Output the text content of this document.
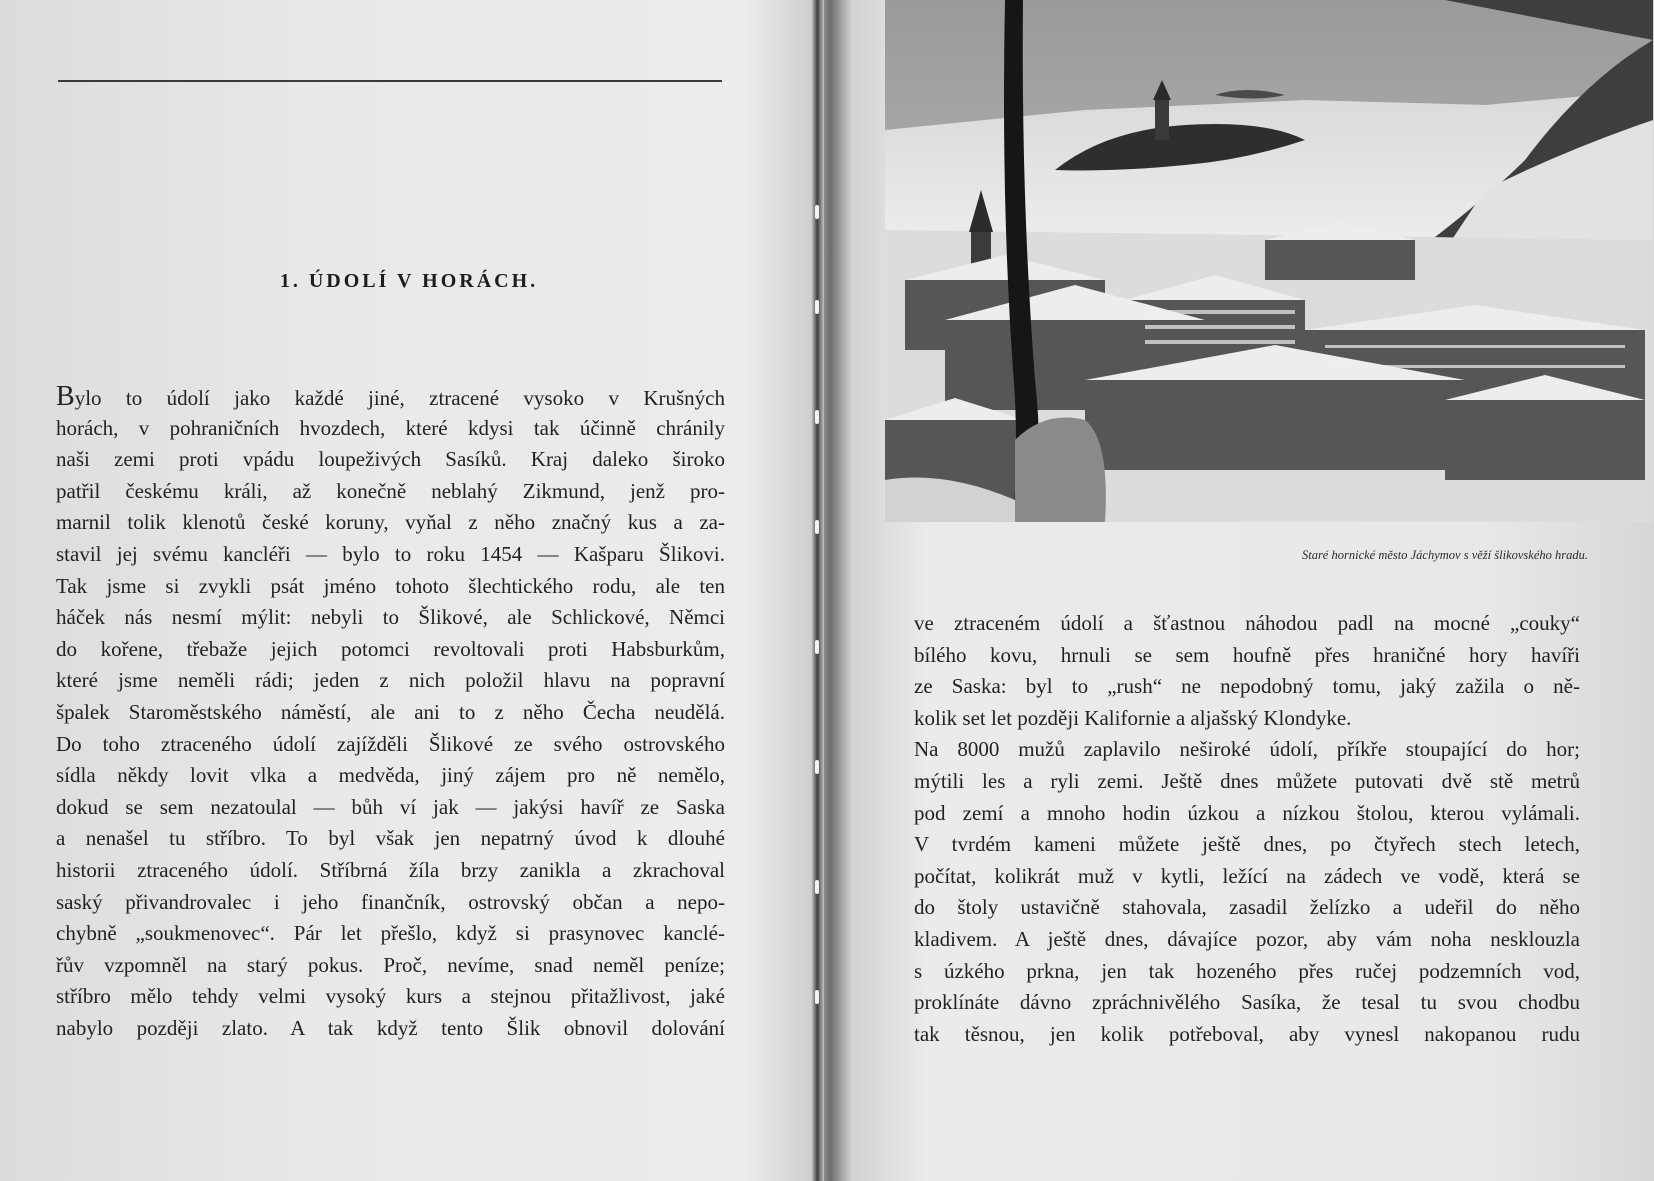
1. ÚDOLÍ V HORÁCH.
Bylo to údolí jako každé jiné, ztracené vysoko v Krušných
horách, v pohraničních hvozdech, které kdysi tak účinně chránily
naši zemi proti vpádu loupeživých Sasíků. Kraj daleko široko
patřil českému králi, až konečně neblahý Zikmund, jenž pro-
marnil tolik klenotů české koruny, vyňal z něho značný kus a za-
stavil jej svému kancléři — bylo to roku 1454 — Kašparu Šlikovi.
Tak jsme si zvykli psát jméno tohoto šlechtického rodu, ale ten
háček nás nesmí mýlit: nebyli to Šlikové, ale Schlickové, Němci
do kořene, třebaže jejich potomci revoltovali proti Habsburkům,
které jsme neměli rádi; jeden z nich položil hlavu na popravní
špalek Staroměstského náměstí, ale ani to z něho Čecha neudělá.
Do toho ztraceného údolí zajížděli Šlikové ze svého ostrovského
sídla někdy lovit vlka a medvěda, jiný zájem pro ně nemělo,
dokud se sem nezatoulal — bůh ví jak — jakýsi havíř ze Saska
a nenašel tu stříbro. To byl však jen nepatrný úvod k dlouhé
historii ztraceného údolí. Stříbrná žíla brzy zanikla a zkrachoval
saský přivandrovalec i jeho finančník, ostrovský občan a nepo-
chybně „soukmenovec“. Pár let přešlo, když si prasynovec kanclé-
řův vzpomněl na starý pokus. Proč, nevíme, snad neměl peníze;
stříbro mělo tehdy velmi vysoký kurs a stejnou přitažlivost, jaké
nabylo později zlato. A tak když tento Šlik obnovil dolování
Staré hornické město Jáchymov s věží šlikovského hradu.
ve ztraceném údolí a šťastnou náhodou padl na mocné „couky“
bílého kovu, hrnuli se sem houfně přes hraničné hory havíři
ze Saska: byl to „rush“ ne nepodobný tomu, jaký zažila o ně-
kolik set let později Kalifornie a aljašský Klondyke.
Na 8000 mužů zaplavilo neširoké údolí, příkře stoupající do hor;
mýtili les a ryli zemi. Ještě dnes můžete putovati dvě stě metrů
pod zemí a mnoho hodin úzkou a nízkou štolou, kterou vylámali.
V tvrdém kameni můžete ještě dnes, po čtyřech stech letech,
počítat, kolikrát muž v kytli, ležící na zádech ve vodě, která se
do štoly ustavičně stahovala, zasadil želízko a udeřil do něho
kladivem. A ještě dnes, dávajíce pozor, aby vám noha nesklouzla
s úzkého prkna, jen tak hozeného přes ručej podzemních vod,
proklínáte dávno zpráchnivělého Sasíka, že tesal tu svou chodbu
tak těsnou, jen kolik potřeboval, aby vynesl nakopanou rudu
